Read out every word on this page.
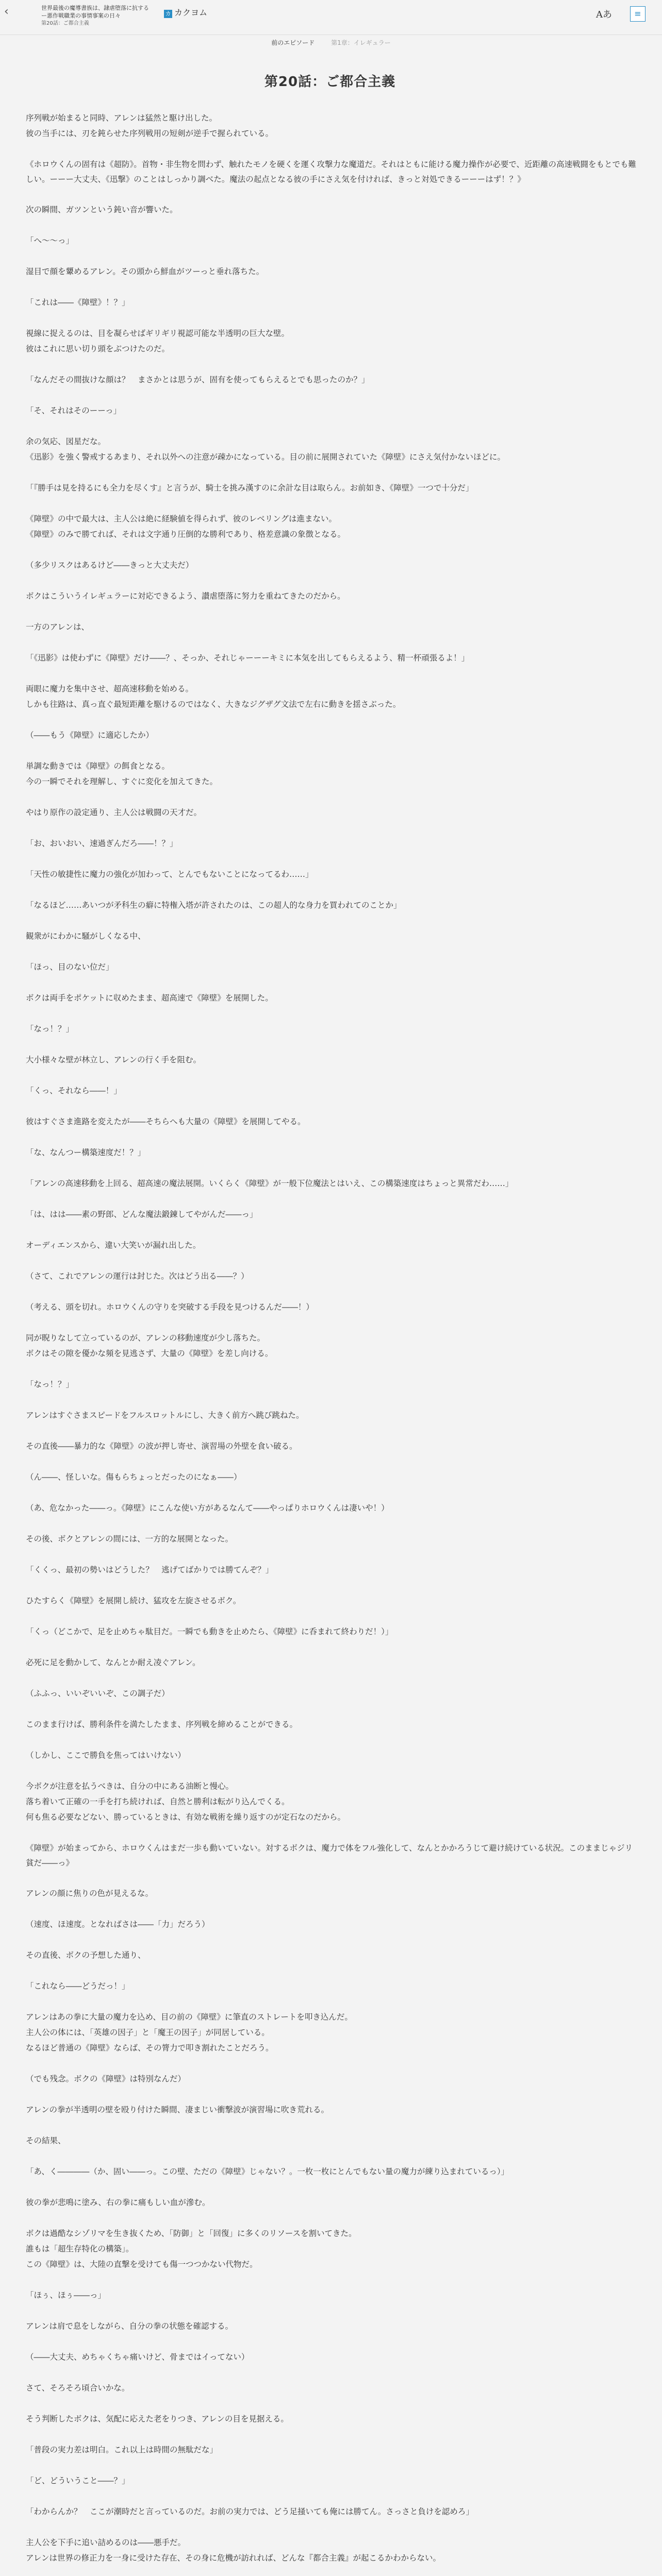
‹	世界最後の魔導書族は、隷虐堕落に抗するー悪作戦職業の事情事案の日々
第20話：ご都合主義
カ カクヨム	Aあ	≡
前のエピソード	第1章：イレギュラー
第20話：ご都合主義

序列戦が始まると同時、アレンは猛然と駆け出した。

彼の当手には、刃を鈍らせた序列戦用の短剣が逆手で握られている。

《ホロウくんの固有は《超防》。首物・非生物を問わず、触れたモノを硬くを運く攻撃力な魔道だ。それはともに能ける魔力操作が必要で、近距離の高速戦闘をもとでも難しい。ーーー大丈夫、《迅撃》のことはしっかり調べた。魔法の起点となる彼の手にさえ気を付ければ、きっと対処できるーーーはず！？》

次の瞬間、ガツンという鈍い音が響いた。

「へ〜〜っ」

湿目で顔を顰めるアレン。その頭から鮮血がツーっと垂れ落ちた。

「これは――《障壁》！？」

視線に捉えるのは、目を凝らせばギリギリ視認可能な半透明の巨大な壁。

彼はこれに思い切り頭をぶつけたのだ。

「なんだその間抜けな顔は？　まさかとは思うが、固有を使ってもらえるとでも思ったのか？」

「そ、それはそのーーっ」

余の気応、図星だな。

《迅影》を強く警戒するあまり、それ以外への注意が疎かになっている。目の前に展開されていた《障壁》にさえ気付かないほどに。

「『勝手は見を持るにも全力を尽くす』と言うが、騎士を挑み漢すのに余計な目は取らん。お前如き、《障壁》一つで十分だ」

《障壁》の中で最大は、主人公は絶に経験値を得られず、彼のレベリングは進まない。

《障壁》のみで勝てれば、それは文字通り圧倒的な勝利であり、格差意識の象徴となる。

（多少リスクはあるけど――きっと大丈夫だ）

ボクはこういうイレギュラーに対応できるよう、讃虐堕落に努力を重ねてきたのだから。

一方のアレンは、

「《迅影》は使わずに《障壁》だけ――？、そっか、それじゃーーーキミに本気を出してもらえるよう、精一杯頑張るよ！」

両眼に魔力を集中させ、超高速移動を始める。

しかも往路は、真っ直ぐ最短距離を駆けるのではなく、大きなジグザグ文法で左右に動きを揺さぶった。

（――もう《障壁》に適応したか）

単調な動きでは《障壁》の餌食となる。

今の一瞬でそれを理解し、すぐに変化を加えてきた。

やはり原作の設定通り、主人公は戦闘の天才だ。

「お、おいおい、速過ぎんだろ――！？」

「天性の敏捷性に魔力の強化が加わって、とんでもないことになってるわ……」

「なるほど……あいつが矛科生の癖に特権入塔が許されたのは、この超人的な身力を買われてのことか」

観衆がにわかに騒がしくなる中、

「ほっ、目のない位だ」

ボクは両手をポケットに収めたまま、超高速で《障壁》を展開した。

「なっ！？」

大小様々な壁が林立し、アレンの行く手を阻む。

「くっ、それなら――！」

彼はすぐさま進路を変えたが――そちらへも大量の《障壁》を展開してやる。

「な、なんつー構築速度だ！？」

「アレンの高速移動を上回る、超高速の魔法展開。いくらく《障壁》が一般下位魔法とはいえ、この構築速度はちょっと異常だわ……」

「は、はは――素の野郎、どんな魔法鍛錬してやがんだ――っ」

オーディエンスから、違い大笑いが漏れ出した。

（さて、これでアレンの運行は封じた。次はどう出る――？）

（考える、頭を切れ。ホロウくんの守りを突破する手段を見つけるんだ――！）

同が睨りなして立っているのが、アレンの移動速度が少し落ちた。

ボクはその隙を優かな頻を見逃さず、大量の《障壁》を差し向ける。

「なっ！？」

アレンはすぐさまスピードをフルスロットルにし、大きく前方へ跳び跳ねた。

その直後――暴力的な《障壁》の波が押し寄せ、演習場の外壁を食い破る。

（ん――、怪しいな。傷もらちょっとだったのになぁ――）

（あ、危なかった――っ。《障壁》にこんな使い方があるなんて――やっぱりホロウくんは凄いや！）

その後、ボクとアレンの間には、一方的な展開となった。

「くくっ、最初の勢いはどうした？　逃げてばかりでは勝てんぞ？」

ひたすらく《障壁》を展開し続け、猛攻を左旋させるボク。

「くっ（どこかで、足を止めちゃ駄目だ。一瞬でも動きを止めたら、《障壁》に呑まれて終わりだ！）」

必死に足を動かして、なんとか耐え凌ぐアレン。

（ふふっ、いいぞいいぞ、この調子だ）

このまま行けば、勝利条件を満たしたまま、序列戦を締めることができる。

（しかし、ここで勝負を焦ってはいけない）

今ボクが注意を払うべきは、自分の中にある油断と慢心。

落ち着いて正確の一手を打ち続ければ、自然と勝利は転がり込んでくる。

何も焦る必要などない、勝っているときは、有効な戦術を繰り返すのが定石なのだから。

《障壁》が始まってから、ホロウくんはまだ一歩も動いていない。対するボクは、魔力で体をフル強化して、なんとかかろうじて避け続けている状況。このままじゃジリ貧だ――っ》

アレンの顔に焦りの色が見えるな。

（速度、ほ速度。となればさは――「力」だろう）

その直後、ボクの予想した通り、

「これなら――どうだっ！」

アレンはあの拳に大量の魔力を込め、目の前の《障壁》に筆直のストレートを叩き込んだ。

主人公の体には、「英雄の因子」と「魔王の因子」が同居している。

なるほど普通の《障壁》ならば、その膂力で叩き割れたことだろう。

（でも残念。ボクの《障壁》は特別なんだ）

アレンの拳が半透明の壁を殴り付けた瞬間、凄まじい衝撃波が演習場に吹き荒れる。

その結果、

「あ、く――――（か、固い――っ。この壁、ただの《障壁》じゃない？。一枚一枚にとんでもない量の魔力が練り込まれているっ）」

彼の拳が悲鳴に塗み、右の拳に痛もしい血が滲む。

ボクは過酷なシゾリマを生き抜くため、「防御」と「回復」に多くのリソースを割いてきた。

誰もは「超生存特化の構築」。

この《障壁》は、大陸の直撃を受けても傷一つつかない代物だ。

「ほぅ、ほぅ――っ」

アレンは肩で息をしながら、自分の拳の状態を確認する。

（――大丈夫、めちゃくちゃ痛いけど、骨まではイってない）

さて、そろそろ頃合いかな。

そう判断したボクは、気配に応えた老をりつき、アレンの目を見据える。

「普段の実力差は明白。これ以上は時間の無駄だな」

「ど、どういうこと――？」

「わからんか？　ここが潮時だと言っているのだ。お前の実力では、どう足掻いても俺には勝てん。さっさと負けを認めろ」

主人公を下手に追い詰めるのは――悪手だ。

アレンは世界の修正力を一身に受けた存在、その身に危機が訪れれば、どんな『都合主義』が起こるかわからない。
